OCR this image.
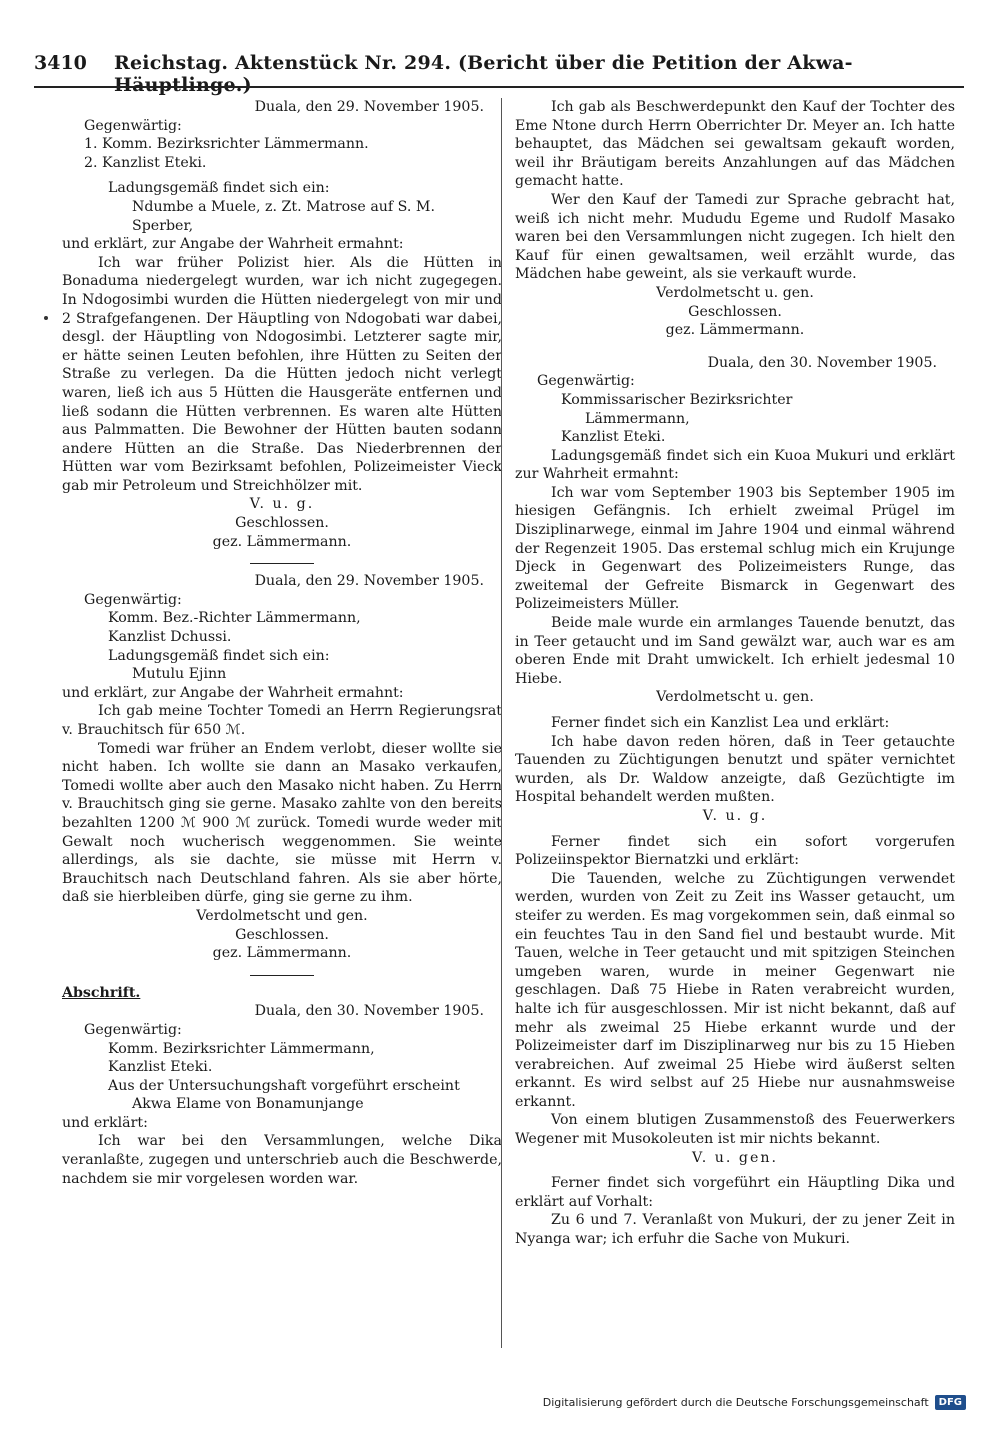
3410	Reichstag. Aktenstück Nr. 294. (Bericht über die Petition der Akwa-Häuptlinge.)

Duala, den 29. November 1905.

Gegenwärtig:

1. Komm. Bezirksrichter Lämmermann.

2. Kanzlist Eteki.

Ladungsgemäß findet sich ein:

Ndumbe a Muele, z. Zt. Matrose auf S. M.

Sperber,

und erklärt, zur Angabe der Wahrheit ermahnt:

Ich war früher Polizist hier. Als die Hütten in Bonaduma niedergelegt wurden, war ich nicht zugegegen. In Ndogosimbi wurden die Hütten niedergelegt von mir und 2 Strafgefangenen. Der Häuptling von Ndogobati war dabei, desgl. der Häuptling von Ndogosimbi. Letzterer sagte mir, er hätte seinen Leuten befohlen, ihre Hütten zu Seiten der Straße zu verlegen. Da die Hütten jedoch nicht verlegt waren, ließ ich aus 5 Hütten die Hausgeräte entfernen und ließ sodann die Hütten verbrennen. Es waren alte Hütten aus Palmmatten. Die Bewohner der Hütten bauten sodann andere Hütten an die Straße. Das Niederbrennen der Hütten war vom Bezirksamt befohlen, Polizeimeister Vieck gab mir Petroleum und Streichhölzer mit.

V. u. g.

Geschlossen.

gez. Lämmermann.

Duala, den 29. November 1905.

Gegenwärtig:

Komm. Bez.-Richter Lämmermann,

Kanzlist Dchussi.

Ladungsgemäß findet sich ein:

Mutulu Ejinn

und erklärt, zur Angabe der Wahrheit ermahnt:

Ich gab meine Tochter Tomedi an Herrn Regierungsrat v. Brauchitsch für 650 ℳ.

Tomedi war früher an Endem verlobt, dieser wollte sie nicht haben. Ich wollte sie dann an Masako verkaufen, Tomedi wollte aber auch den Masako nicht haben. Zu Herrn v. Brauchitsch ging sie gerne. Masako zahlte von den bereits bezahlten 1200 ℳ 900 ℳ zurück. Tomedi wurde weder mit Gewalt noch wucherisch weggenommen. Sie weinte allerdings, als sie dachte, sie müsse mit Herrn v. Brauchitsch nach Deutschland fahren. Als sie aber hörte, daß sie hierbleiben dürfe, ging sie gerne zu ihm.

Verdolmetscht und gen.

Geschlossen.

gez. Lämmermann.

Abschrift.

Duala, den 30. November 1905.

Gegenwärtig:

Komm. Bezirksrichter Lämmermann,

Kanzlist Eteki.

Aus der Untersuchungshaft vorgeführt erscheint

Akwa Elame von Bonamunjange

und erklärt:

Ich war bei den Versammlungen, welche Dika veranlaßte, zugegen und unterschrieb auch die Beschwerde, nachdem sie mir vorgelesen worden war.

Ich gab als Beschwerdepunkt den Kauf der Tochter des Eme Ntone durch Herrn Oberrichter Dr. Meyer an. Ich hatte behauptet, das Mädchen sei gewaltsam gekauft worden, weil ihr Bräutigam bereits Anzahlungen auf das Mädchen gemacht hatte.

Wer den Kauf der Tamedi zur Sprache gebracht hat, weiß ich nicht mehr. Mududu Egeme und Rudolf Masako waren bei den Versammlungen nicht zugegen. Ich hielt den Kauf für einen gewaltsamen, weil erzählt wurde, das Mädchen habe geweint, als sie verkauft wurde.

Verdolmetscht u. gen.

Geschlossen.

gez. Lämmermann.

Duala, den 30. November 1905.

Gegenwärtig:

Kommissarischer Bezirksrichter

Lämmermann,

Kanzlist Eteki.

Ladungsgemäß findet sich ein Kuoa Mukuri und erklärt zur Wahrheit ermahnt:

Ich war vom September 1903 bis September 1905 im hiesigen Gefängnis. Ich erhielt zweimal Prügel im Disziplinarwege, einmal im Jahre 1904 und einmal während der Regenzeit 1905. Das erstemal schlug mich ein Krujunge Djeck in Gegenwart des Polizeimeisters Runge, das zweitemal der Gefreite Bismarck in Gegenwart des Polizeimeisters Müller.

Beide male wurde ein armlanges Tauende benutzt, das in Teer getaucht und im Sand gewälzt war, auch war es am oberen Ende mit Draht umwickelt. Ich erhielt jedesmal 10 Hiebe.

Verdolmetscht u. gen.

Ferner findet sich ein Kanzlist Lea und erklärt:

Ich habe davon reden hören, daß in Teer getauchte Tauenden zu Züchtigungen benutzt und später vernichtet wurden, als Dr. Waldow anzeigte, daß Gezüchtigte im Hospital behandelt werden mußten.

V. u. g.

Ferner findet sich ein sofort vorgerufen Polizeiinspektor Biernatzki und erklärt:

Die Tauenden, welche zu Züchtigungen verwendet werden, wurden von Zeit zu Zeit ins Wasser getaucht, um steifer zu werden. Es mag vorgekommen sein, daß einmal so ein feuchtes Tau in den Sand fiel und bestaubt wurde. Mit Tauen, welche in Teer getaucht und mit spitzigen Steinchen umgeben waren, wurde in meiner Gegenwart nie geschlagen. Daß 75 Hiebe in Raten verabreicht wurden, halte ich für ausgeschlossen. Mir ist nicht bekannt, daß auf mehr als zweimal 25 Hiebe erkannt wurde und der Polizeimeister darf im Disziplinarweg nur bis zu 15 Hieben verabreichen. Auf zweimal 25 Hiebe wird äußerst selten erkannt. Es wird selbst auf 25 Hiebe nur ausnahmsweise erkannt.

Von einem blutigen Zusammenstoß des Feuerwerkers Wegener mit Musokoleuten ist mir nichts bekannt.

V. u. gen.

Ferner findet sich vorgeführt ein Häuptling Dika und erklärt auf Vorhalt:

Zu 6 und 7. Veranlaßt von Mukuri, der zu jener Zeit in Nyanga war; ich erfuhr die Sache von Mukuri.

Digitalisierung gefördert durch die Deutsche Forschungsgemeinschaft	DFG
